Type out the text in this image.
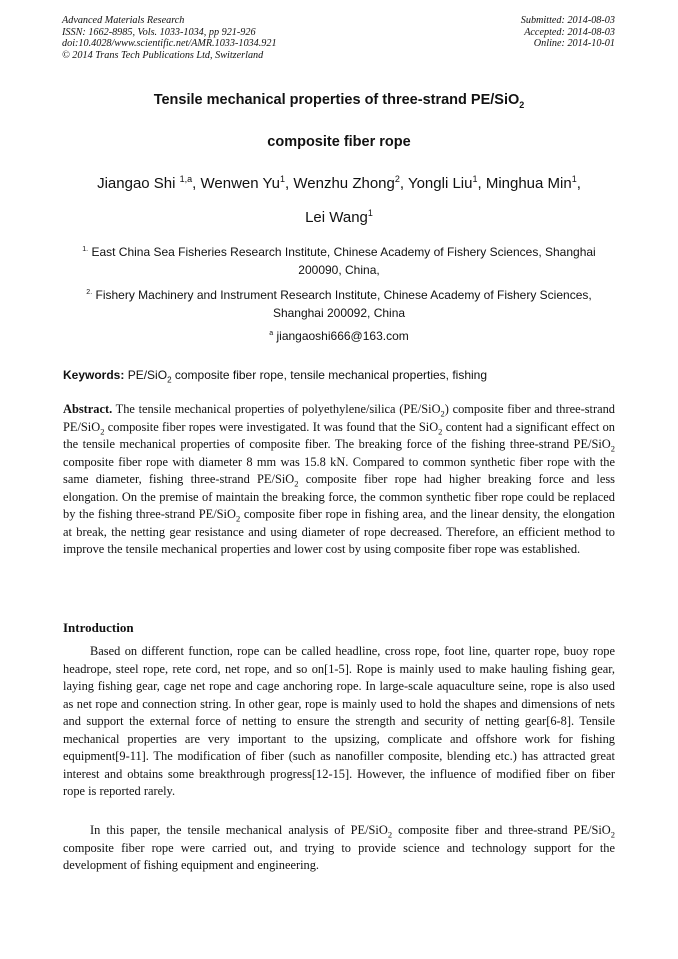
Advanced Materials Research
ISSN: 1662-8985, Vols. 1033-1034, pp 921-926
doi:10.4028/www.scientific.net/AMR.1033-1034.921
© 2014 Trans Tech Publications Ltd, Switzerland
Submitted: 2014-08-03
Accepted: 2014-08-03
Online: 2014-10-01
Tensile mechanical properties of three-strand PE/SiO$_2$
composite fiber rope
Jiangao Shi $^{1,a}$, Wenwen Yu$^1$, Wenzhu Zhong$^2$, Yongli Liu$^1$, Minghua Min$^1$,
Lei Wang$^1$
$^{1.}$ East China Sea Fisheries Research Institute, Chinese Academy of Fishery Sciences, Shanghai 200090, China,
$^{2.}$ Fishery Machinery and Instrument Research Institute, Chinese Academy of Fishery Sciences, Shanghai 200092, China
$^a$ jiangaoshi666@163.com
Keywords: PE/SiO$_2$ composite fiber rope, tensile mechanical properties, fishing
Abstract. The tensile mechanical properties of polyethylene/silica (PE/SiO$_2$) composite fiber and three-strand PE/SiO$_2$ composite fiber ropes were investigated. It was found that the SiO$_2$ content had a significant effect on the tensile mechanical properties of composite fiber. The breaking force of the fishing three-strand PE/SiO$_2$ composite fiber rope with diameter 8 mm was 15.8 kN. Compared to common synthetic fiber rope with the same diameter, fishing three-strand PE/SiO$_2$ composite fiber rope had higher breaking force and less elongation. On the premise of maintain the breaking force, the common synthetic fiber rope could be replaced by the fishing three-strand PE/SiO$_2$ composite fiber rope in fishing area, and the linear density, the elongation at break, the netting gear resistance and using diameter of rope decreased. Therefore, an efficient method to improve the tensile mechanical properties and lower cost by using composite fiber rope was established.
Introduction
Based on different function, rope can be called headline, cross rope, foot line, quarter rope, buoy rope headrope, steel rope, rete cord, net rope, and so on[1-5]. Rope is mainly used to make hauling fishing gear, laying fishing gear, cage net rope and cage anchoring rope. In large-scale aquaculture seine, rope is also used as net rope and connection string. In other gear, rope is mainly used to hold the shapes and dimensions of nets and support the external force of netting to ensure the strength and security of netting gear[6-8]. Tensile mechanical properties are very important to the upsizing, complicate and offshore work for fishing equipment[9-11]. The modification of fiber (such as nanofiller composite, blending etc.) has attracted great interest and obtains some breakthrough progress[12-15]. However, the influence of modified fiber on fiber rope is reported rarely.
In this paper, the tensile mechanical analysis of PE/SiO$_2$ composite fiber and three-strand PE/SiO$_2$ composite fiber rope were carried out, and trying to provide science and technology support for the development of fishing equipment and engineering.
